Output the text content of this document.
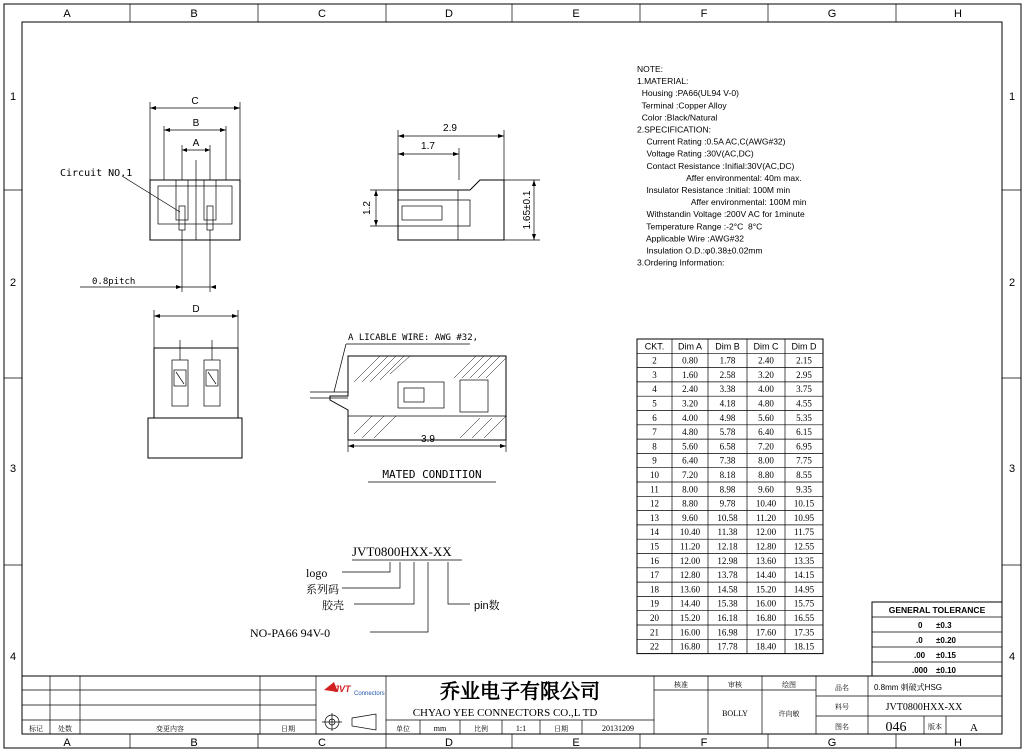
A	B	C	D	E	F	G	H
A	B	C	D	E	F	G	H
1
2
3
4
1
2
3
4
C
B
A
Circuit NO.1
0.8pitch
2.9
1.7
1.2	1.65±0.1
D
A LICABLE WIRE: AWG #32,
3.9
MATED CONDITION
JVT0800HXX-XX
logo
系列码
胶壳
NO-PA66 94V-0
pin数
NOTE:
1.MATERIAL:
Housing :PA66(UL94 V-0)
Terminal :Copper Alloy
Color :Black/Natural
2.SPECIFICATION:
Current Rating :0.5A AC,C(AWG#32)
Voltage Rating :30V(AC,DC)
Contact Resistance :Inifial:30V(AC,DC)
Affer environmental: 40m max.
Insulator Resistance :Initial: 100M min
Affer environmental: 100M min
Withstandin Voltage :200V AC for 1minute
Temperature Range :-2°C  8°C
Applicable Wire :AWG#32
Insulation O.D.:φ0.38±0.02mm
3.Ordering Information:
CKT. Dim A Dim B Dim C Dim D
2	0.80 1.78	2.40 2.15
3	1.60 2.58	3.20 2.95
4	2.40 3.38	4.00 3.75
5	3.20 4.18	4.80 4.55
6	4.00 4.98	5.60 5.35
7	4.80 5.78	6.40 6.15
8	5.60 6.58	7.20 6.95
9	6.40 7.38	8.00 7.75
10	7.20 8.18	8.80 8.55
11	8.00 8.98	9.60 9.35
12	8.80 9.78 10.40 10.15
13	9.60 10.58 11.20 10.95
14 10.40 11.38 12.00 11.75
15 11.20 12.18 12.80 12.55
16 12.00 12.98 13.60 13.35
17 12.80 13.78 14.40 14.15
18 13.60 14.58 15.20 14.95
19 14.40 15.38 16.00 15.75
20 15.20 16.18 16.80 16.55
21 16.00 16.98 17.60 17.35
22 16.80 17.78 18.40 18.15
GENERAL TOLERANCE
0 ±0.3
.0 ±0.20
.00 ±0.15
.000 ±0.10
标记 处数	变更内容	日期
JVT Connectors	乔业电子有限公司
CHYAO YEE CONNECTORS CO.,L TD
单位	mm	比例	1:1	日期	20131209
核准	审核	绘图
BOLLY	许向敏
品名	0.8mm 刺破式HSG
料号	JVT0800HXX-XX
图名	046	版本	A
